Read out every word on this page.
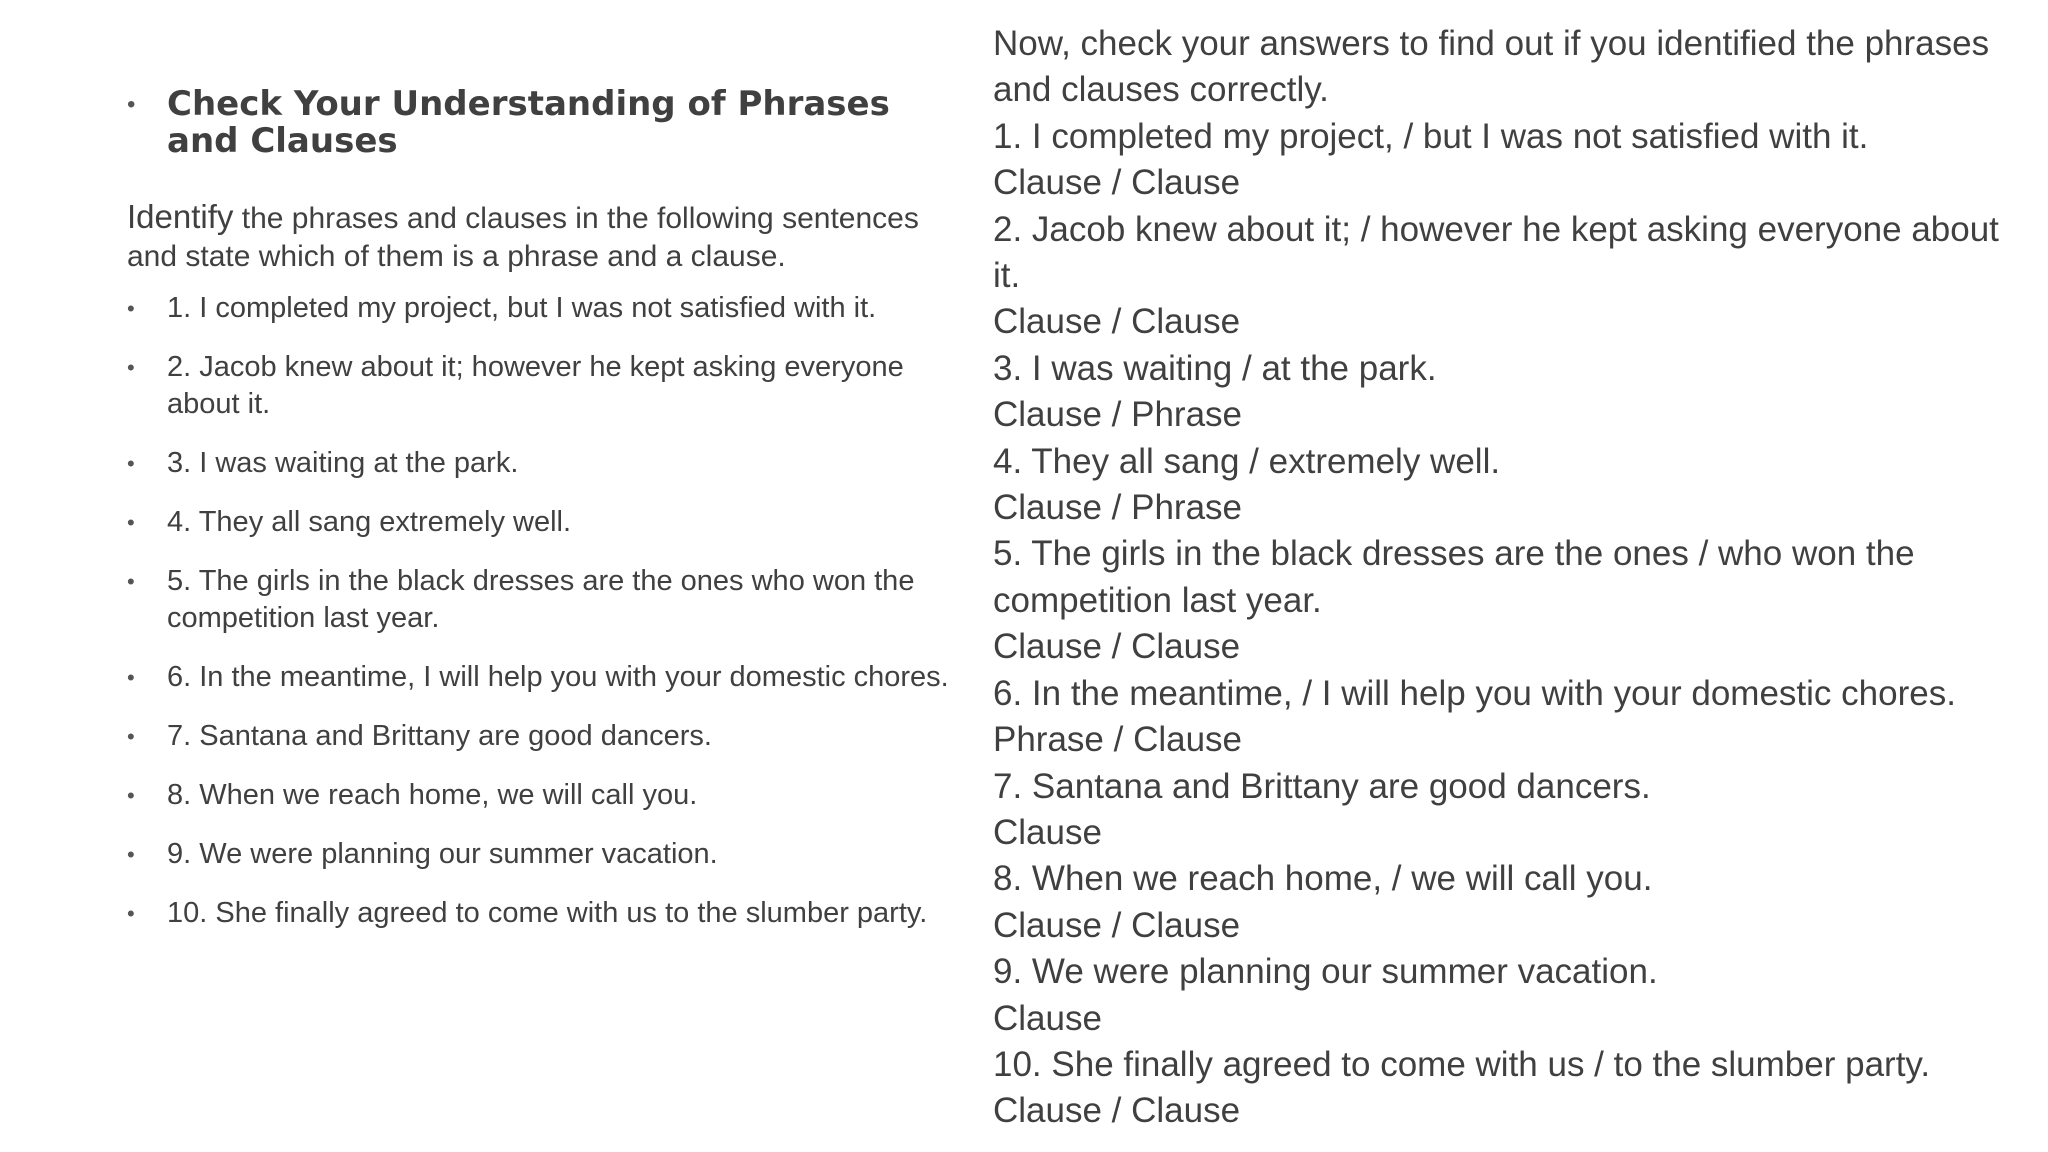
• Check Your Understanding of Phrases and Clauses
Identify the phrases and clauses in the following sentences and state which of them is a phrase and a clause.
• 1. I completed my project, but I was not satisfied with it.
• 2. Jacob knew about it; however he kept asking everyone about it.
• 3. I was waiting at the park.
• 4. They all sang extremely well.
• 5. The girls in the black dresses are the ones who won the competition last year.
• 6. In the meantime, I will help you with your domestic chores.
• 7. Santana and Brittany are good dancers.
• 8. When we reach home, we will call you.
• 9. We were planning our summer vacation.
• 10. She finally agreed to come with us to the slumber party.

Now, check your answers to find out if you identified the phrases and clauses correctly.

1. I completed my project, / but I was not satisfied with it.

Clause / Clause

2. Jacob knew about it; / however he kept asking everyone about it.

Clause / Clause

3. I was waiting / at the park.

Clause / Phrase

4. They all sang / extremely well.

Clause / Phrase

5. The girls in the black dresses are the ones / who won the competition last year.

Clause / Clause

6. In the meantime, / I will help you with your domestic chores.

Phrase / Clause

7. Santana and Brittany are good dancers.

Clause

8. When we reach home, / we will call you.

Clause / Clause

9. We were planning our summer vacation.

Clause

10. She finally agreed to come with us / to the slumber party.

Clause / Clause
